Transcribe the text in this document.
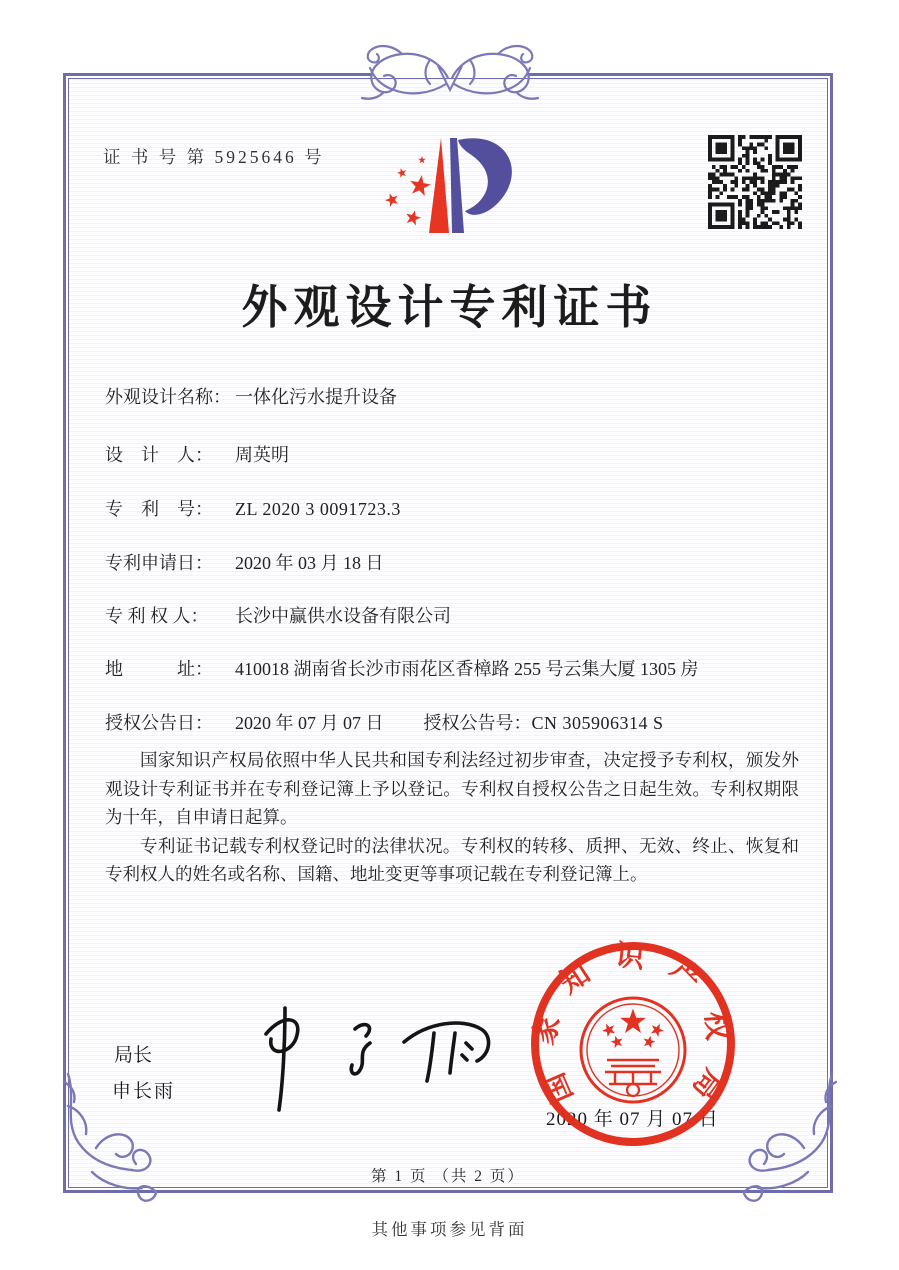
证 书 号 第 5925646 号
外观设计专利证书
外观设计名称： 一体化污水提升设备
设　计　人： 周英明
专　利　号： ZL 2020 3 0091723.3
专利申请日： 2020 年 03 月 18 日
专 利 权 人： 长沙中赢供水设备有限公司
地　　　址： 410018 湖南省长沙市雨花区香樟路 255 号云集大厦 1305 房
授权公告日： 2020 年 07 月 07 日 授权公告号：CN 305906314 S

国家知识产权局依照中华人民共和国专利法经过初步审查，决定授予专利权，颁发外观设计专利证书并在专利登记簿上予以登记。专利权自授权公告之日起生效。专利权期限为十年，自申请日起算。

专利证书记载专利权登记时的法律状况。专利权的转移、质押、无效、终止、恢复和专利权人的姓名或名称、国籍、地址变更等事项记载在专利登记簿上。

局长
申长雨
2020 年 07 月 07 日
国家知识产权局
第 1 页 （共 2 页）
其他事项参见背面
